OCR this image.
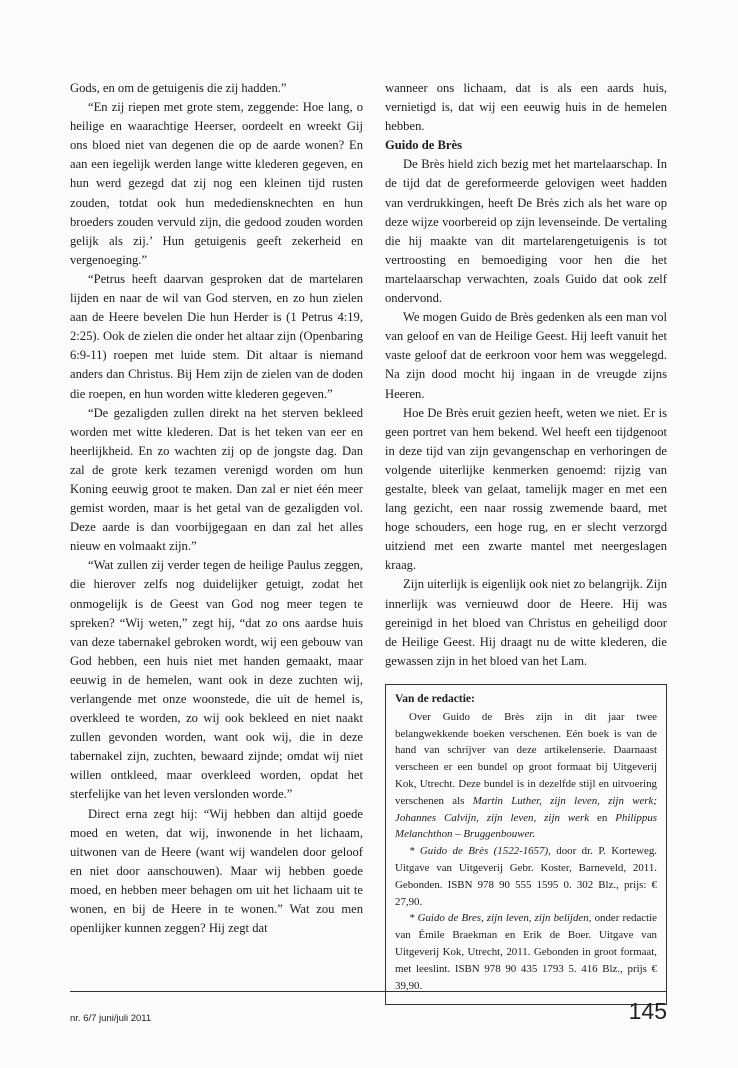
Gods, en om de getuigenis die zij hadden.”

“En zij riepen met grote stem, zeggende: Hoe lang, o heilige en waarachtige Heerser, oordeelt en wreekt Gij ons bloed niet van degenen die op de aarde wonen? En aan een iegelijk werden lange witte klederen gegeven, en hun werd gezegd dat zij nog een kleinen tijd rusten zouden, totdat ook hun medediensknechten en hun broeders zouden vervuld zijn, die gedood zouden worden gelijk als zij.’ Hun getuigenis geeft zekerheid en vergenoeging.”

“Petrus heeft daarvan gesproken dat de martelaren lijden en naar de wil van God sterven, en zo hun zielen aan de Heere bevelen Die hun Herder is (1 Petrus 4:19, 2:25). Ook de zielen die onder het altaar zijn (Openbaring 6:9-11) roepen met luide stem. Dit altaar is niemand anders dan Christus. Bij Hem zijn de zielen van de doden die roepen, en hun worden witte klederen gegeven.”

“De gezaligden zullen direkt na het sterven bekleed worden met witte klederen. Dat is het teken van eer en heerlijkheid. En zo wachten zij op de jongste dag. Dan zal de grote kerk tezamen verenigd worden om hun Koning eeuwig groot te maken. Dan zal er niet één meer gemist worden, maar is het getal van de gezaligden vol. Deze aarde is dan voorbijgegaan en dan zal het alles nieuw en volmaakt zijn.”

“Wat zullen zij verder tegen de heilige Paulus zeggen, die hierover zelfs nog duidelijker getuigt, zodat het onmogelijk is de Geest van God nog meer tegen te spreken? “Wij weten,” zegt hij, “dat zo ons aardse huis van deze tabernakel gebroken wordt, wij een gebouw van God hebben, een huis niet met handen gemaakt, maar eeuwig in de hemelen, want ook in deze zuchten wij, verlangende met onze woonstede, die uit de hemel is, overkleed te worden, zo wij ook bekleed en niet naakt zullen gevonden worden, want ook wij, die in deze tabernakel zijn, zuchten, bewaard zijnde; omdat wij niet willen ontkleed, maar overkleed worden, opdat het sterfelijke van het leven verslonden worde.”

Direct erna zegt hij: “Wij hebben dan altijd goede moed en weten, dat wij, inwonende in het lichaam, uitwonen van de Heere (want wij wandelen door geloof en niet door aanschouwen). Maar wij hebben goede moed, en hebben meer behagen om uit het lichaam uit te wonen, en bij de Heere in te wonen.” Wat zou men openlijker kunnen zeggen? Hij zegt dat

wanneer ons lichaam, dat is als een aards huis, vernietigd is, dat wij een eeuwig huis in de hemelen hebben.

Guido de Brès

De Brès hield zich bezig met het martelaarschap. In de tijd dat de gereformeerde gelovigen weet hadden van verdrukkingen, heeft De Brès zich als het ware op deze wijze voorbereid op zijn levenseinde. De vertaling die hij maakte van dit martelarengetuigenis is tot vertroosting en bemoediging voor hen die het martelaarschap verwachten, zoals Guido dat ook zelf ondervond.

We mogen Guido de Brès gedenken als een man vol van geloof en van de Heilige Geest. Hij leeft vanuit het vaste geloof dat de eerkroon voor hem was weggelegd. Na zijn dood mocht hij ingaan in de vreugde zijns Heeren.

Hoe De Brès eruit gezien heeft, weten we niet. Er is geen portret van hem bekend. Wel heeft een tijdgenoot in deze tijd van zijn gevangenschap en verhoringen de volgende uiterlijke kenmerken genoemd: rijzig van gestalte, bleek van gelaat, tamelijk mager en met een lang gezicht, een naar rossig zwemende baard, met hoge schouders, een hoge rug, en er slecht verzorgd uitziend met een zwarte mantel met neergeslagen kraag.

Zijn uiterlijk is eigenlijk ook niet zo belangrijk. Zijn innerlijk was vernieuwd door de Heere. Hij was gereinigd in het bloed van Christus en geheiligd door de Heilige Geest. Hij draagt nu de witte klederen, die gewassen zijn in het bloed van het Lam.

Van de redactie:

Over Guido de Brès zijn in dit jaar twee belangwekkende boeken verschenen. Eén boek is van de hand van schrijver van deze artikelenserie. Daarnaast verscheen er een bundel op groot formaat bij Uitgeverij Kok, Utrecht. Deze bundel is in dezelfde stijl en uitvoering verschenen als Martin Luther, zijn leven, zijn werk; Johannes Calvijn, zijn leven, zijn werk en Philippus Melanchthon – Bruggenbouwer.

* Guido de Brès (1522-1657), door dr. P. Korteweg. Uitgave van Uitgeverij Gebr. Koster, Barneveld, 2011. Gebonden. ISBN 978 90 555 1595 0. 302 Blz., prijs: € 27,90.

* Guido de Bres, zijn leven, zijn belijden, onder redactie van Émile Braekman en Erik de Boer. Uitgave van Uitgeverij Kok, Utrecht, 2011. Gebonden in groot formaat, met leeslint. ISBN 978 90 435 1793 5. 416 Blz., prijs € 39,90.

nr. 6/7 juni/juli 2011	145
